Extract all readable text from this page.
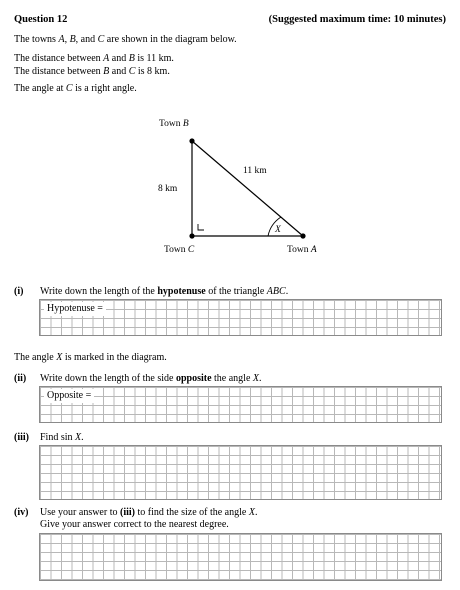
Question 12	(Suggested maximum time: 10 minutes)
The towns A, B, and C are shown in the diagram below.
The distance between A and B is 11 km.
The distance between B and C is 8 km.
The angle at C is a right angle.
Town B
Town C	Town A
8 km
11 km
X
(i) Write down the length of the hypotenuse of the triangle ABC.
Hypotenuse =
The angle X is marked in the diagram.
(ii) Write down the length of the side opposite the angle X.
Opposite =
(iii) Find sin X.
(iv) Use your answer to (iii) to find the size of the angle X.
Give your answer correct to the nearest degree.
